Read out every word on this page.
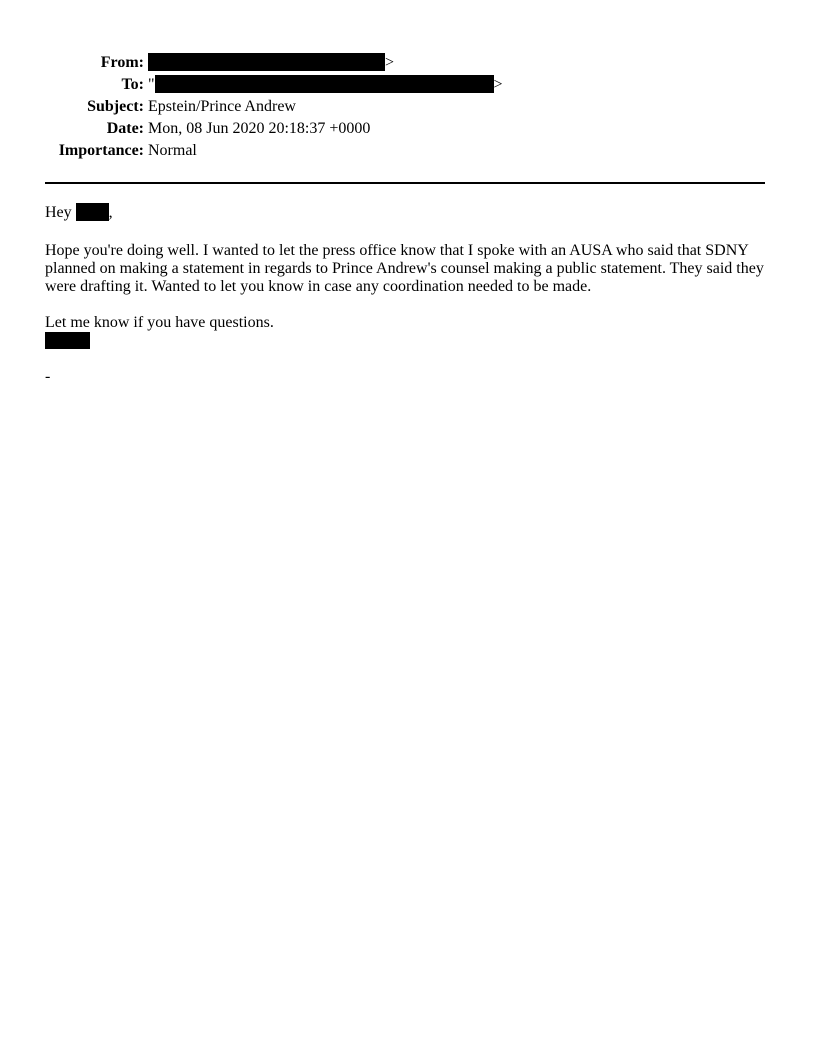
From:	>
To: "	>
Subject: Epstein/Prince Andrew
Date: Mon, 08 Jun 2020 20:18:37 +0000
Importance: Normal
Hey ,

Hope you're doing well. I wanted to let the press office know that I spoke with an AUSA who said that SDNY planned on making a statement in regards to Prince Andrew's counsel making a public statement. They said they were drafting it. Wanted to let you know in case any coordination needed to be made.

Let me know if you have questions.

-
